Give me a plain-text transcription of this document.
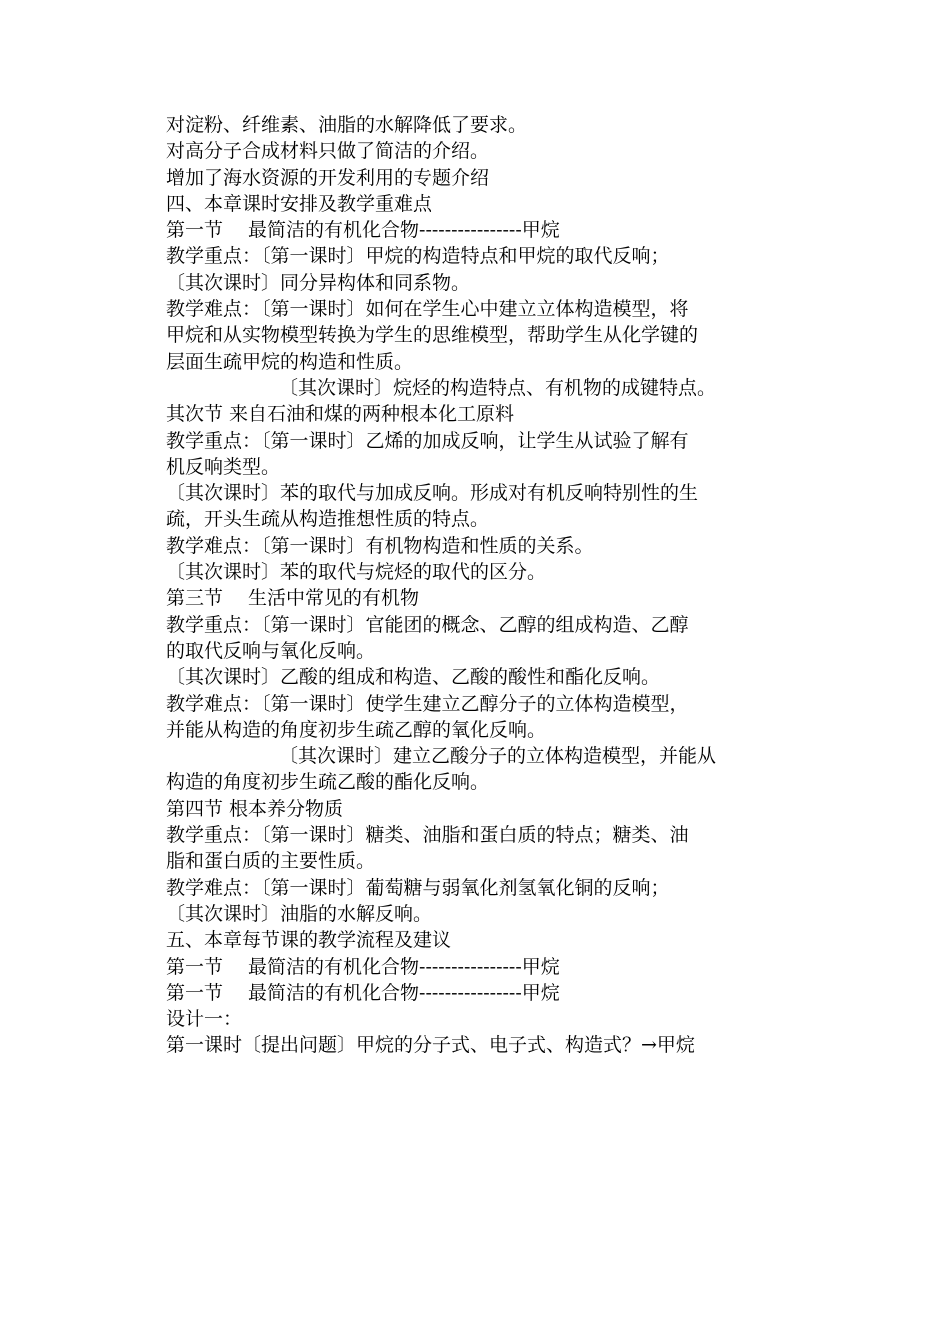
对淀粉、纤维素、油脂的水解降低了要求。
对高分子合成材料只做了简洁的介绍。
增加了海水资源的开发利用的专题介绍
四、本章课时安排及教学重难点
第一节　 最简洁的有机化合物----------------甲烷
教学重点：〔第一课时〕甲烷的构造特点和甲烷的取代反响；
〔其次课时〕同分异构体和同系物。
教学难点：〔第一课时〕如何在学生心中建立立体构造模型，将
甲烷和从实物模型转换为学生的思维模型，帮助学生从化学键的
层面生疏甲烷的构造和性质。
〔其次课时〕烷烃的构造特点、有机物的成键特点。
其次节 来自石油和煤的两种根本化工原料
教学重点：〔第一课时〕乙烯的加成反响，让学生从试验了解有
机反响类型。
〔其次课时〕苯的取代与加成反响。形成对有机反响特别性的生
疏，开头生疏从构造推想性质的特点。
教学难点：〔第一课时〕有机物构造和性质的关系。
〔其次课时〕苯的取代与烷烃的取代的区分。
第三节　 生活中常见的有机物
教学重点：〔第一课时〕官能团的概念、乙醇的组成构造、乙醇
的取代反响与氧化反响。
〔其次课时〕乙酸的组成和构造、乙酸的酸性和酯化反响。
教学难点：〔第一课时〕使学生建立乙醇分子的立体构造模型，
并能从构造的角度初步生疏乙醇的氧化反响。
〔其次课时〕建立乙酸分子的立体构造模型，并能从
构造的角度初步生疏乙酸的酯化反响。
第四节 根本养分物质
教学重点：〔第一课时〕糖类、油脂和蛋白质的特点；糖类、油
脂和蛋白质的主要性质。
教学难点：〔第一课时〕葡萄糖与弱氧化剂氢氧化铜的反响；
〔其次课时〕油脂的水解反响。
五、本章每节课的教学流程及建议
第一节　 最简洁的有机化合物----------------甲烷
第一节　 最简洁的有机化合物----------------甲烷
设计一：
第一课时〔提出问题〕甲烷的分子式、电子式、构造式？→甲烷
